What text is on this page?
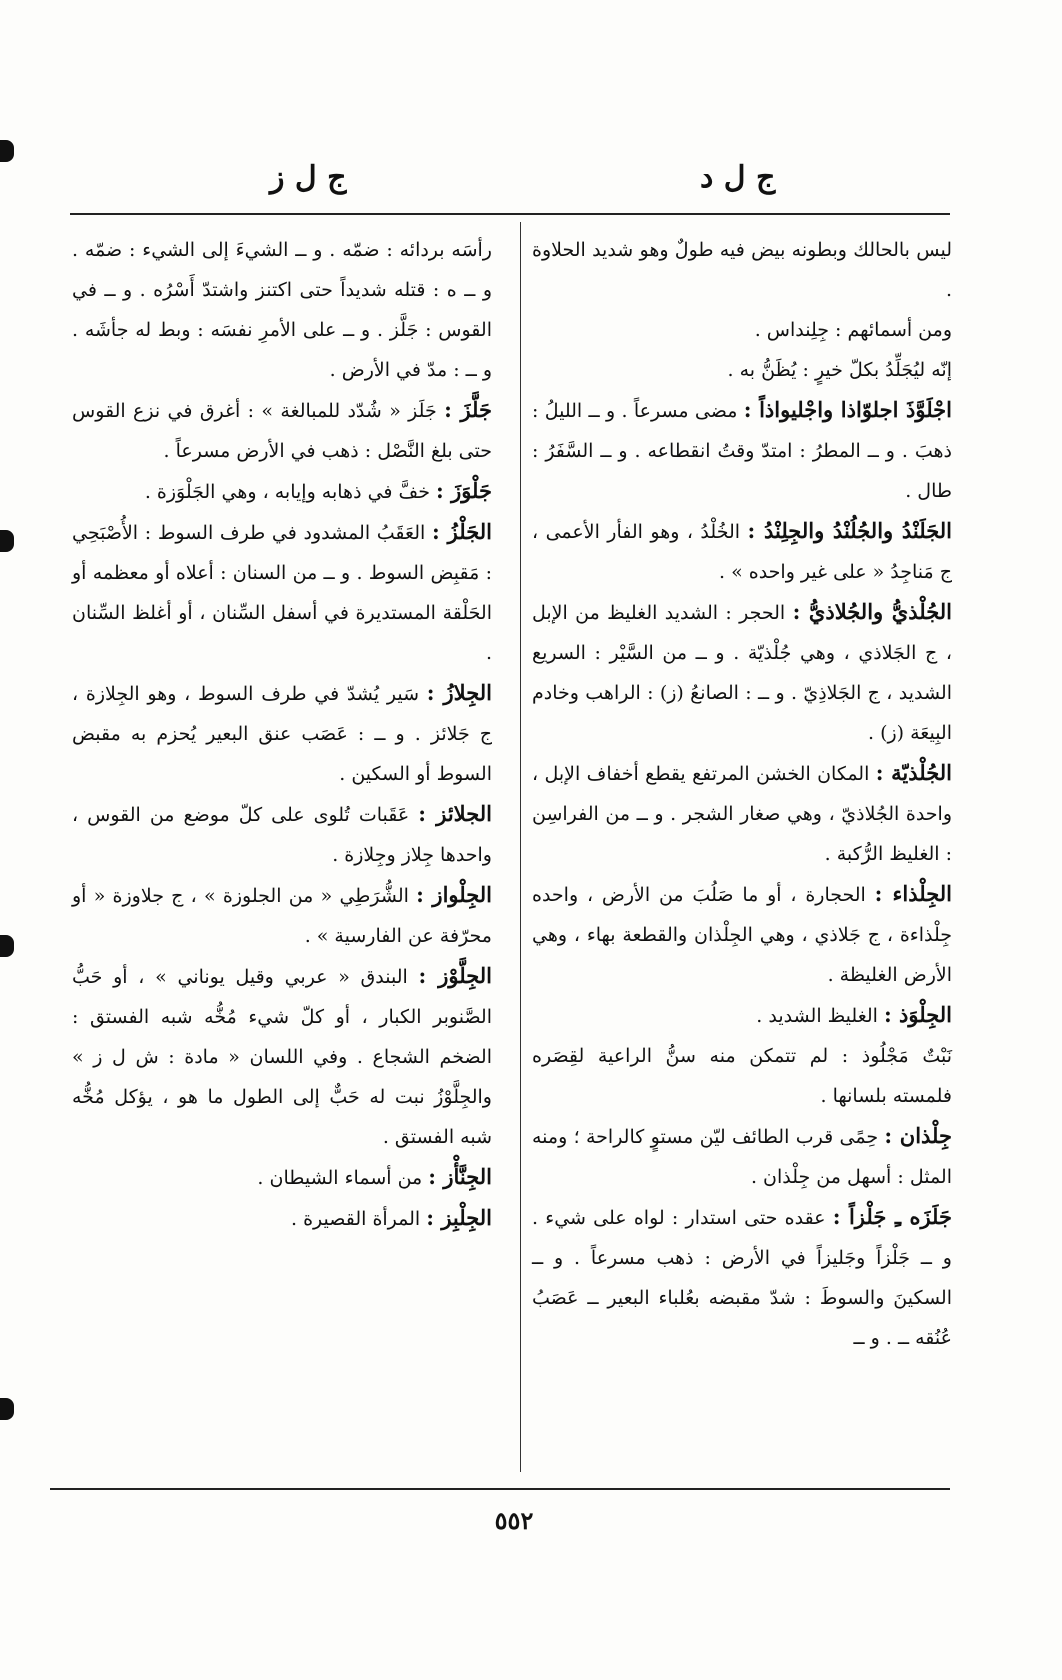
ج ل د
ج ل ز

ليس بالحالك وبطونه بيض فيه طولٌ وهو شديد الحلاوة .

ومن أسمائهم : جِلِنداس .

إنّه ليُجَلِّدُ بكلّ خيرٍ : يُظَنُّ به .

اجْلَوَّذَ اجلوّاذا واجْليواذاً : مضى مسرعاً . و ــ الليلُ : ذهبَ . و ــ المطرُ : امتدّ وقتُ انقطاعه . و ــ السَّفَرُ : طال .

الجَلَنْدُ والجُلُنْدُ والجِلِنْدُ : الخُلْدُ ، وهو الفأر الأعمى ، ج مَناجِدُ « على غير واحده » .

الجُلْذيُّ والجُلاذيُّ : الحجر : الشديد الغليظ من الإبل ، ج الجَلاذي ، وهي جُلْذيّة . و ــ من السَّيْر : السريع الشديد ، ج الجَلاذِيّ . و ــ : الصانعُ (ز) : الراهب وخادم البِيعَة (ز) .

الجُلْذيّة : المكان الخشن المرتفع يقطع أخفاف الإبل ، واحدة الجُلاذيّ ، وهي صغار الشجر . و ــ من الفراسِن : الغليظ الرُّكبة .

الجِلْذاء : الحجارة ، أو ما صَلُبَ من الأرض ، واحده جِلْذاءة ، ج جَلاذي ، وهي الجِلْذان والقطعة بهاء ، وهي الأرض الغليظة .

الجِلْوَذ : الغليظ الشديد .

نَبْتٌ مَجْلُوذ : لم تتمكن منه سنُّ الراعية لقِصَره فلمسته بلسانها .

جِلْذان : حِمًى قرب الطائف ليّن مستوٍ كالراحة ؛ ومنه المثل : أسهل من جِلْذان .

جَلَزَه ـِ جَلْزاً : عقده حتى استدار : لواه على شيء . و ــ جَلْزاً وجَليزاً في الأرض : ذهب مسرعاً . و ــ السكينَ والسوطَ : شدّ مقبضه بعُلباء البعير ــ عَصَبُ عُنُقه ــ . و ــ

رأسَه بردائه : ضمّه . و ــ الشيءَ إلى الشيء : ضمّه . و ــ ه : قتله شديداً حتى اكتنز واشتدّ أَسْرُه . و ــ في القوس : جَلَّز . و ــ على الأمرِ نفسَه : وبط له جأشَه . و ــ : مدّ في الأرض .

جَلَّزَ : جَلَز « شُدّد للمبالغة » : أغرق في نزع القوس حتى بلغ النَّصْل : ذهب في الأرض مسرعاً .

جَلْوَزَ : خفَّ في ذهابه وإيابه ، وهي الجَلْوَزة .

الجَلْزُ : العَقَبُ المشدود في طرف السوط : الأُصْبَحِي : مَقبِض السوط . و ــ من السنان : أعلاه أو معظمه أو الحَلْقة المستديرة في أسفل السِّنان ، أو أغلظ السِّنان .

الجِلازُ : سَير يُشدّ في طرف السوط ، وهو الجِلازة ، ج جَلائز . و ــ : عَصَب عنق البعير يُحزم به مقبض السوط أو السكين .

الجلائز : عَقَبات تُلوى على كلّ موضع من القوس ، واحدها جِلاز وجِلازة .

الجِلْواز : الشُّرَطِي « من الجلوزة » ، ج جلاوزة « أو محرّفة عن الفارسية » .

الجِلَّوْز : البندق « عربي وقيل يوناني » ، أو حَبُّ الصَّنوبر الكبار ، أو كلّ شيء مُخُّه شبه الفستق : الضخم الشجاع . وفي اللسان « مادة : ش ل ز » والجِلَّوْزُ نبت له حَبٌّ إلى الطول ما هو ، يؤكل مُخُّه شبه الفستق .

الجِنَّأْز : من أسماء الشيطان .

الجِلْبِز : المرأة القصيرة .

٥٥٢
